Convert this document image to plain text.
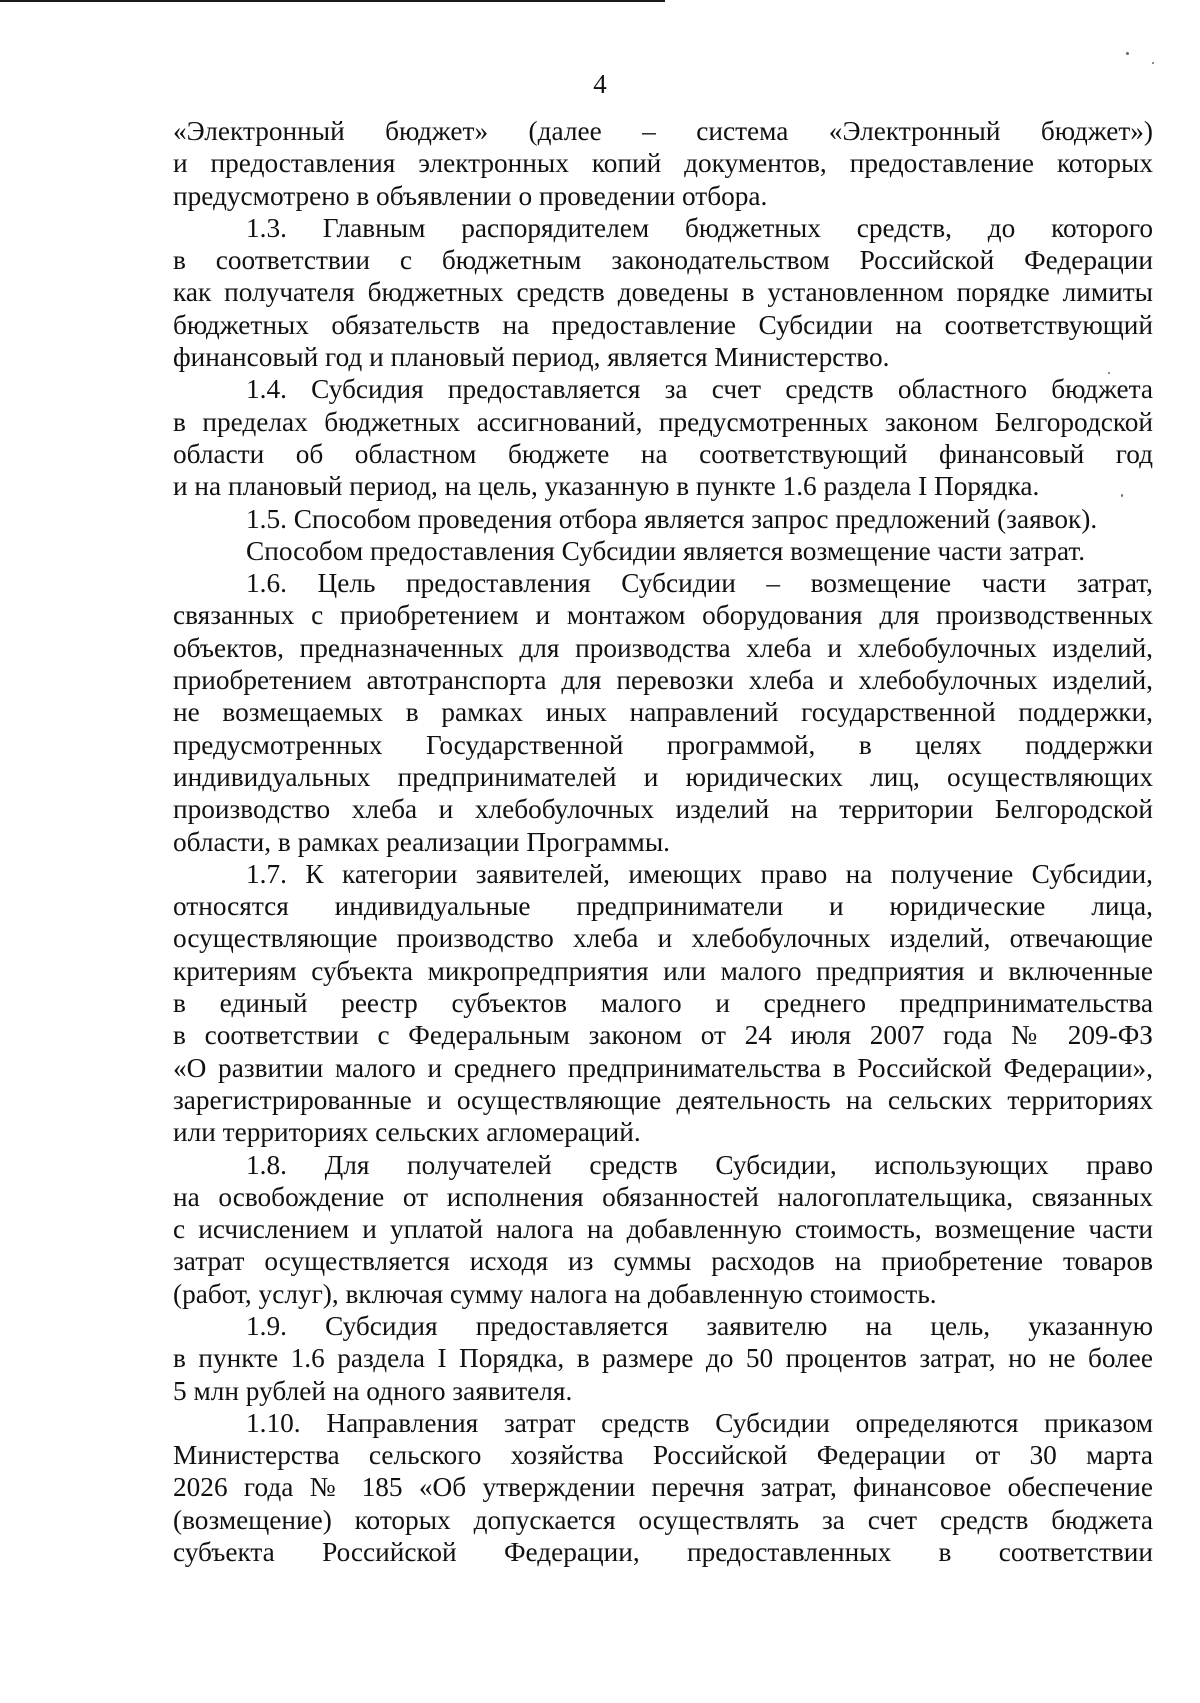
4
«Электронный бюджет» (далее – система «Электронный бюджет»)
и предоставления электронных копий документов, предоставление которых
предусмотрено в объявлении о проведении отбора.
1.3. Главным распорядителем бюджетных средств, до которого
в соответствии с бюджетным законодательством Российской Федерации
как получателя бюджетных средств доведены в установленном порядке лимиты
бюджетных обязательств на предоставление Субсидии на соответствующий
финансовый год и плановый период, является Министерство.
1.4. Субсидия предоставляется за счет средств областного бюджета
в пределах бюджетных ассигнований, предусмотренных законом Белгородской
области об областном бюджете на соответствующий финансовый год
и на плановый период, на цель, указанную в пункте 1.6 раздела I Порядка.
1.5. Способом проведения отбора является запрос предложений (заявок).
Способом предоставления Субсидии является возмещение части затрат.
1.6. Цель предоставления Субсидии – возмещение части затрат,
связанных с приобретением и монтажом оборудования для производственных
объектов, предназначенных для производства хлеба и хлебобулочных изделий,
приобретением автотранспорта для перевозки хлеба и хлебобулочных изделий,
не возмещаемых в рамках иных направлений государственной поддержки,
предусмотренных Государственной программой, в целях поддержки
индивидуальных предпринимателей и юридических лиц, осуществляющих
производство хлеба и хлебобулочных изделий на территории Белгородской
области, в рамках реализации Программы.
1.7. К категории заявителей, имеющих право на получение Субсидии,
относятся индивидуальные предприниматели и юридические лица,
осуществляющие производство хлеба и хлебобулочных изделий, отвечающие
критериям субъекта микропредприятия или малого предприятия и включенные
в единый реестр субъектов малого и среднего предпринимательства
в соответствии с Федеральным законом от 24 июля 2007 года № 209-ФЗ
«О развитии малого и среднего предпринимательства в Российской Федерации»,
зарегистрированные и осуществляющие деятельность на сельских территориях
или территориях сельских агломераций.
1.8. Для получателей средств Субсидии, использующих право
на освобождение от исполнения обязанностей налогоплательщика, связанных
с исчислением и уплатой налога на добавленную стоимость, возмещение части
затрат осуществляется исходя из суммы расходов на приобретение товаров
(работ, услуг), включая сумму налога на добавленную стоимость.
1.9. Субсидия предоставляется заявителю на цель, указанную
в пункте 1.6 раздела I Порядка, в размере до 50 процентов затрат, но не более
5 млн рублей на одного заявителя.
1.10. Направления затрат средств Субсидии определяются приказом
Министерства сельского хозяйства Российской Федерации от 30 марта
2026 года № 185 «Об утверждении перечня затрат, финансовое обеспечение
(возмещение) которых допускается осуществлять за счет средств бюджета
субъекта Российской Федерации, предоставленных в соответствии
